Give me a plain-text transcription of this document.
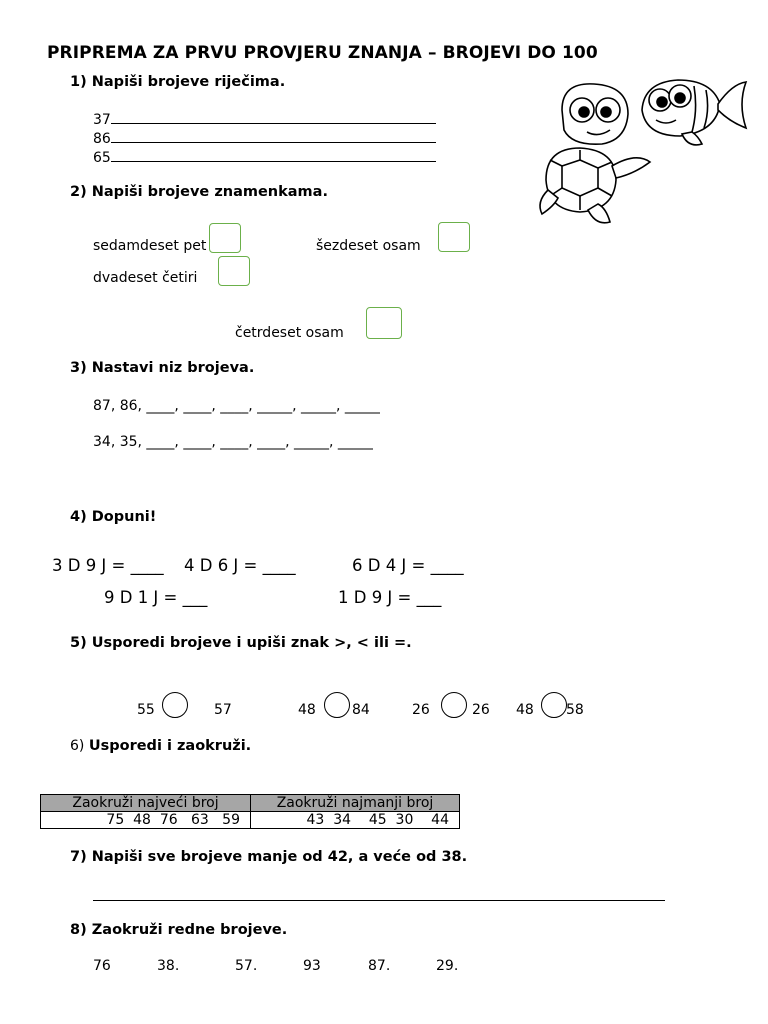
PRIPREMA ZA PRVU PROVJERU ZNANJA – BROJEVI DO 100
1) Napiši brojeve riječima.
37
86
65
2) Napiši brojeve znamenkama.
sedamdeset pet	šezdeset osam
dvadeset četiri
četrdeset osam
3) Nastavi niz brojeva.
87, 86, ____, ____, ____, _____, _____, _____
34, 35, ____, ____, ____, ____, _____, _____
4) Dopuni!
3 D 9 J = ____ 4 D 6 J = ____	6 D 4 J = ____
9 D 1 J = ___	1 D 9 J = ___
5) Usporedi brojeve i upiši znak >, < ili =.
55	57	48	84	26	26 48 58
6) Usporedi i zaokruži.
Zaokruži najveći broj	Zaokruži najmanji broj
75  48  76   63   59	43  34    45  30    44
7) Napiši sve brojeve manje od 42, a veće od 38.
8) Zaokruži redne brojeve.
76	38.	57.	93	87.	29.
